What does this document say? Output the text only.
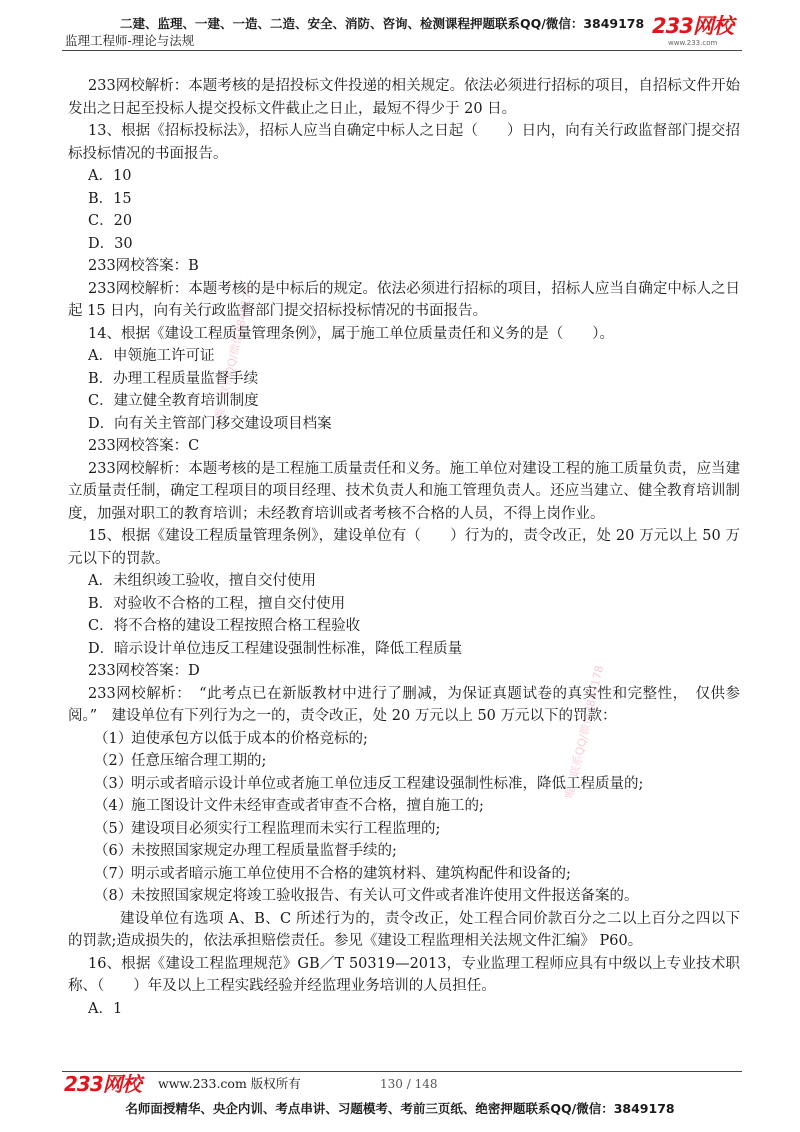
二建、监理、一建、一造、二造、安全、消防、咨询、检测课程押题联系QQ/微信：3849178
监理工程师-理论与法规
233网校
www.233.com
唯一联系QQ/微信3849178
唯一联系QQ/微信3849178

233网校解析：本题考核的是招投标文件投递的相关规定。依法必须进行招标的项目，自招标文件开始发出之日起至投标人提交投标文件截止之日止，最短不得少于 20 日。

13、根据《招标投标法》，招标人应当自确定中标人之日起（　　）日内，向有关行政监督部门提交招标投标情况的书面报告。

A．10

B．15

C．20

D．30

233网校答案：B

233网校解析：本题考核的是中标后的规定。依法必须进行招标的项目，招标人应当自确定中标人之日起 15 日内，向有关行政监督部门提交招标投标情况的书面报告。

14、根据《建设工程质量管理条例》，属于施工单位质量责任和义务的是（　　）。

A．申领施工许可证

B．办理工程质量监督手续

C．建立健全教育培训制度

D．向有关主管部门移交建设项目档案

233网校答案：C

233网校解析：本题考核的是工程施工质量责任和义务。施工单位对建设工程的施工质量负责，应当建立质量责任制，确定工程项目的项目经理、技术负责人和施工管理负责人。还应当建立、健全教育培训制度，加强对职工的教育培训；未经教育培训或者考核不合格的人员，不得上岗作业。

15、根据《建设工程质量管理条例》，建设单位有（　　）行为的，责令改正，处 20 万元以上 50 万元以下的罚款。

A．未组织竣工验收，擅自交付使用

B．对验收不合格的工程，擅自交付使用

C．将不合格的建设工程按照合格工程验收

D．暗示设计单位违反工程建设强制性标准，降低工程质量

233网校答案：D

233网校解析：　“此考点已在新版教材中进行了删减，为保证真题试卷的真实性和完整性，　仅供参阅。”　建设单位有下列行为之一的，责令改正，处 20 万元以上 50 万元以下的罚款：

（1）迫使承包方以低于成本的价格竞标的;

（2）任意压缩合理工期的;

（3）明示或者暗示设计单位或者施工单位违反工程建设强制性标准，降低工程质量的;

（4）施工图设计文件未经审查或者审查不合格，擅自施工的;

（5）建设项目必须实行工程监理而未实行工程监理的;

（6）未按照国家规定办理工程质量监督手续的;

（7）明示或者暗示施工单位使用不合格的建筑材料、建筑构配件和设备的;

（8）未按照国家规定将竣工验收报告、有关认可文件或者准许使用文件报送备案的。

建设单位有选项 A、B、C 所述行为的，责令改正，处工程合同价款百分之二以上百分之四以下的罚款;造成损失的，依法承担赔偿责任。参见《建设工程监理相关法规文件汇编》 P60。

16、根据《建设工程监理规范》GB／T 50319—2013，专业监理工程师应具有中级以上专业技术职称、（　　）年及以上工程实践经验并经监理业务培训的人员担任。

A．1

233网校 www.233.com 版权所有	130 / 148
名师面授精华、央企内训、考点串讲、习题模考、考前三页纸、绝密押题联系QQ/微信：3849178
